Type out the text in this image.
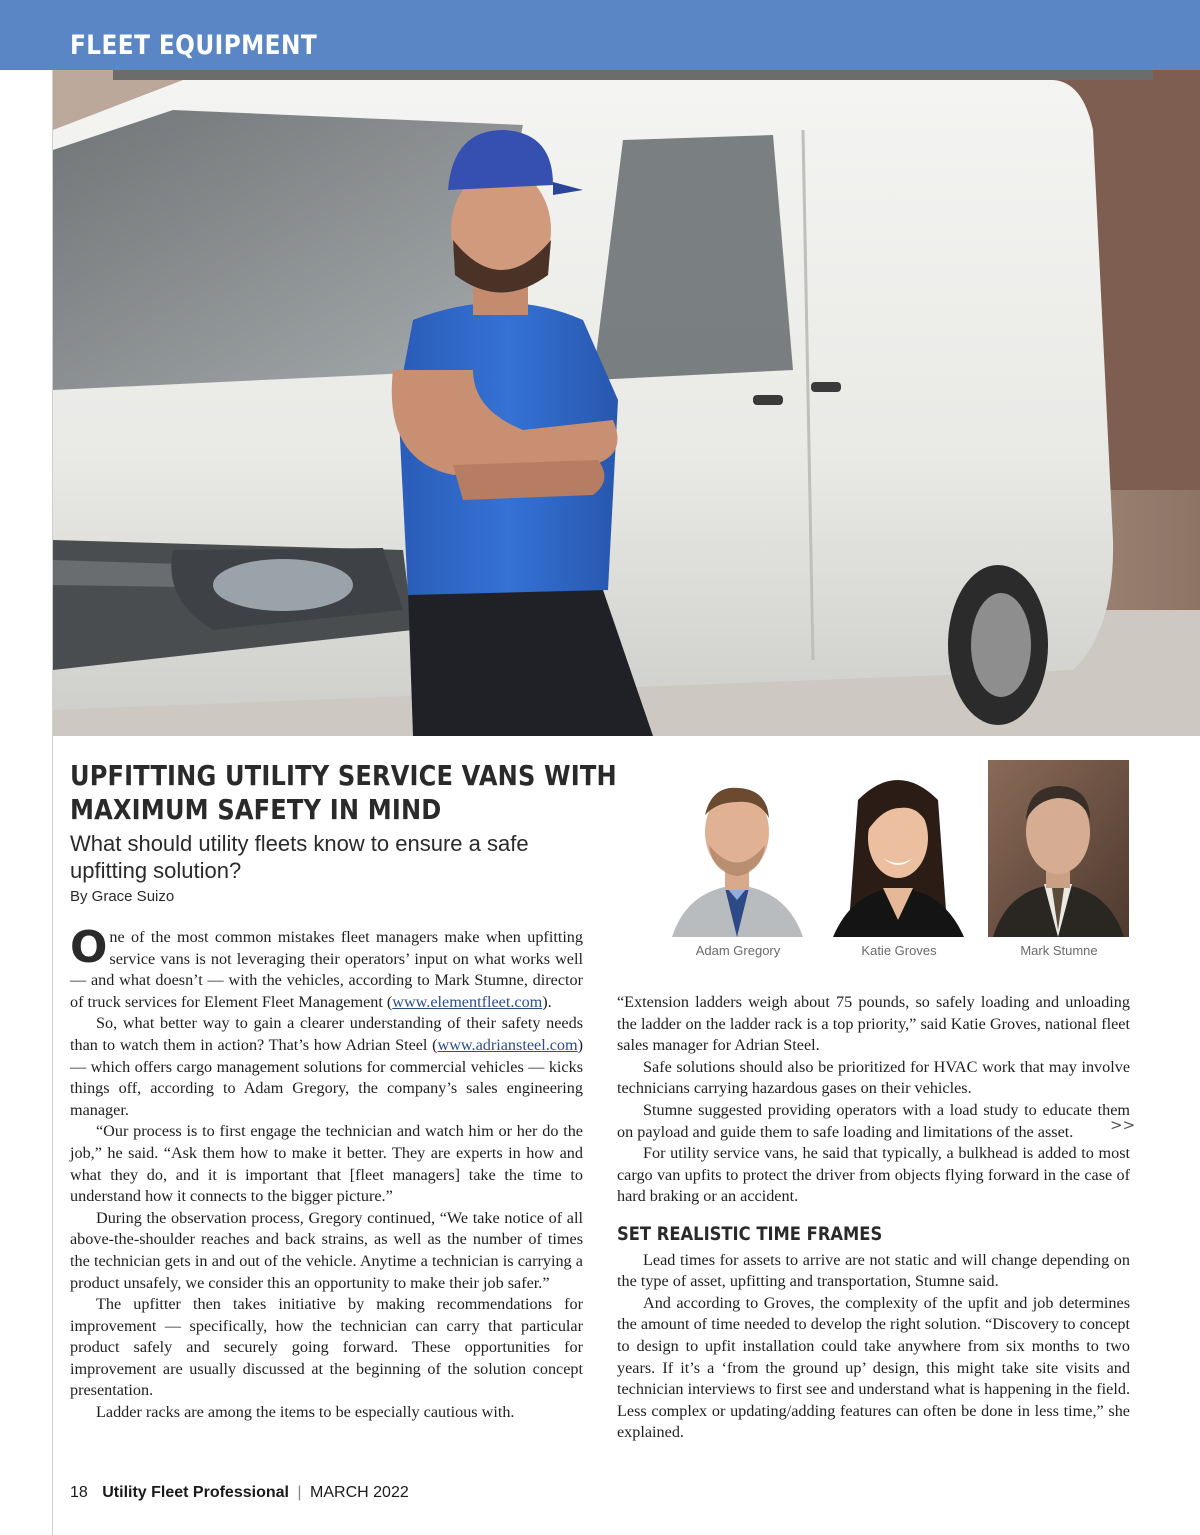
FLEET EQUIPMENT
UPFITTING UTILITY SERVICE VANS WITH
MAXIMUM SAFETY IN MIND
What should utility fleets know to ensure a safe upfitting solution?
By Grace Suizo
Adam Gregory	Katie Groves	Mark Stumne

One of the most common mistakes fleet managers make when upfitting service vans is not leveraging their operators’ input on what works well — and what doesn’t — with the vehicles, according to Mark Stumne, director of truck services for Element Fleet Management (www.elementfleet.com).

So, what better way to gain a clearer understanding of their safety needs than to watch them in action? That’s how Adrian Steel (www.adriansteel.com) — which offers cargo management solutions for commercial vehicles — kicks things off, according to Adam Gregory, the company’s sales engineering manager.

“Our process is to first engage the technician and watch him or her do the job,” he said. “Ask them how to make it better. They are experts in how and what they do, and it is important that [fleet managers] take the time to understand how it connects to the bigger picture.”

During the observation process, Gregory continued, “We take notice of all above-the-shoulder reaches and back strains, as well as the number of times the technician gets in and out of the vehicle. Anytime a technician is carrying a product unsafely, we consider this an opportunity to make their job safer.”

The upfitter then takes initiative by making recommendations for improvement — specifically, how the technician can carry that particular product safely and securely going forward. These opportunities for improvement are usually discussed at the beginning of the solution concept presentation.

Ladder racks are among the items to be especially cautious with.

“Extension ladders weigh about 75 pounds, so safely loading and unloading the ladder on the ladder rack is a top priority,” said Katie Groves, national fleet sales manager for Adrian Steel.

Safe solutions should also be prioritized for HVAC work that may involve technicians carrying hazardous gases on their vehicles.

Stumne suggested providing operators with a load study to educate them on payload and guide them to safe loading and limitations of the asset.

For utility service vans, he said that typically, a bulkhead is added to most cargo van upfits to protect the driver from objects flying forward in the case of hard braking or an accident.

SET REALISTIC TIME FRAMES

Lead times for assets to arrive are not static and will change depending on the type of asset, upfitting and transportation, Stumne said.

And according to Groves, the complexity of the upfit and job determines the amount of time needed to develop the right solution. “Discovery to concept to design to upfit installation could take anywhere from six months to two years. If it’s a ‘from the ground up’ design, this might take site visits and technician interviews to first see and understand what is happening in the field. Less complex or updating/adding features can often be done in less time,” she explained.

>>
18 Utility Fleet Professional | MARCH 2022
